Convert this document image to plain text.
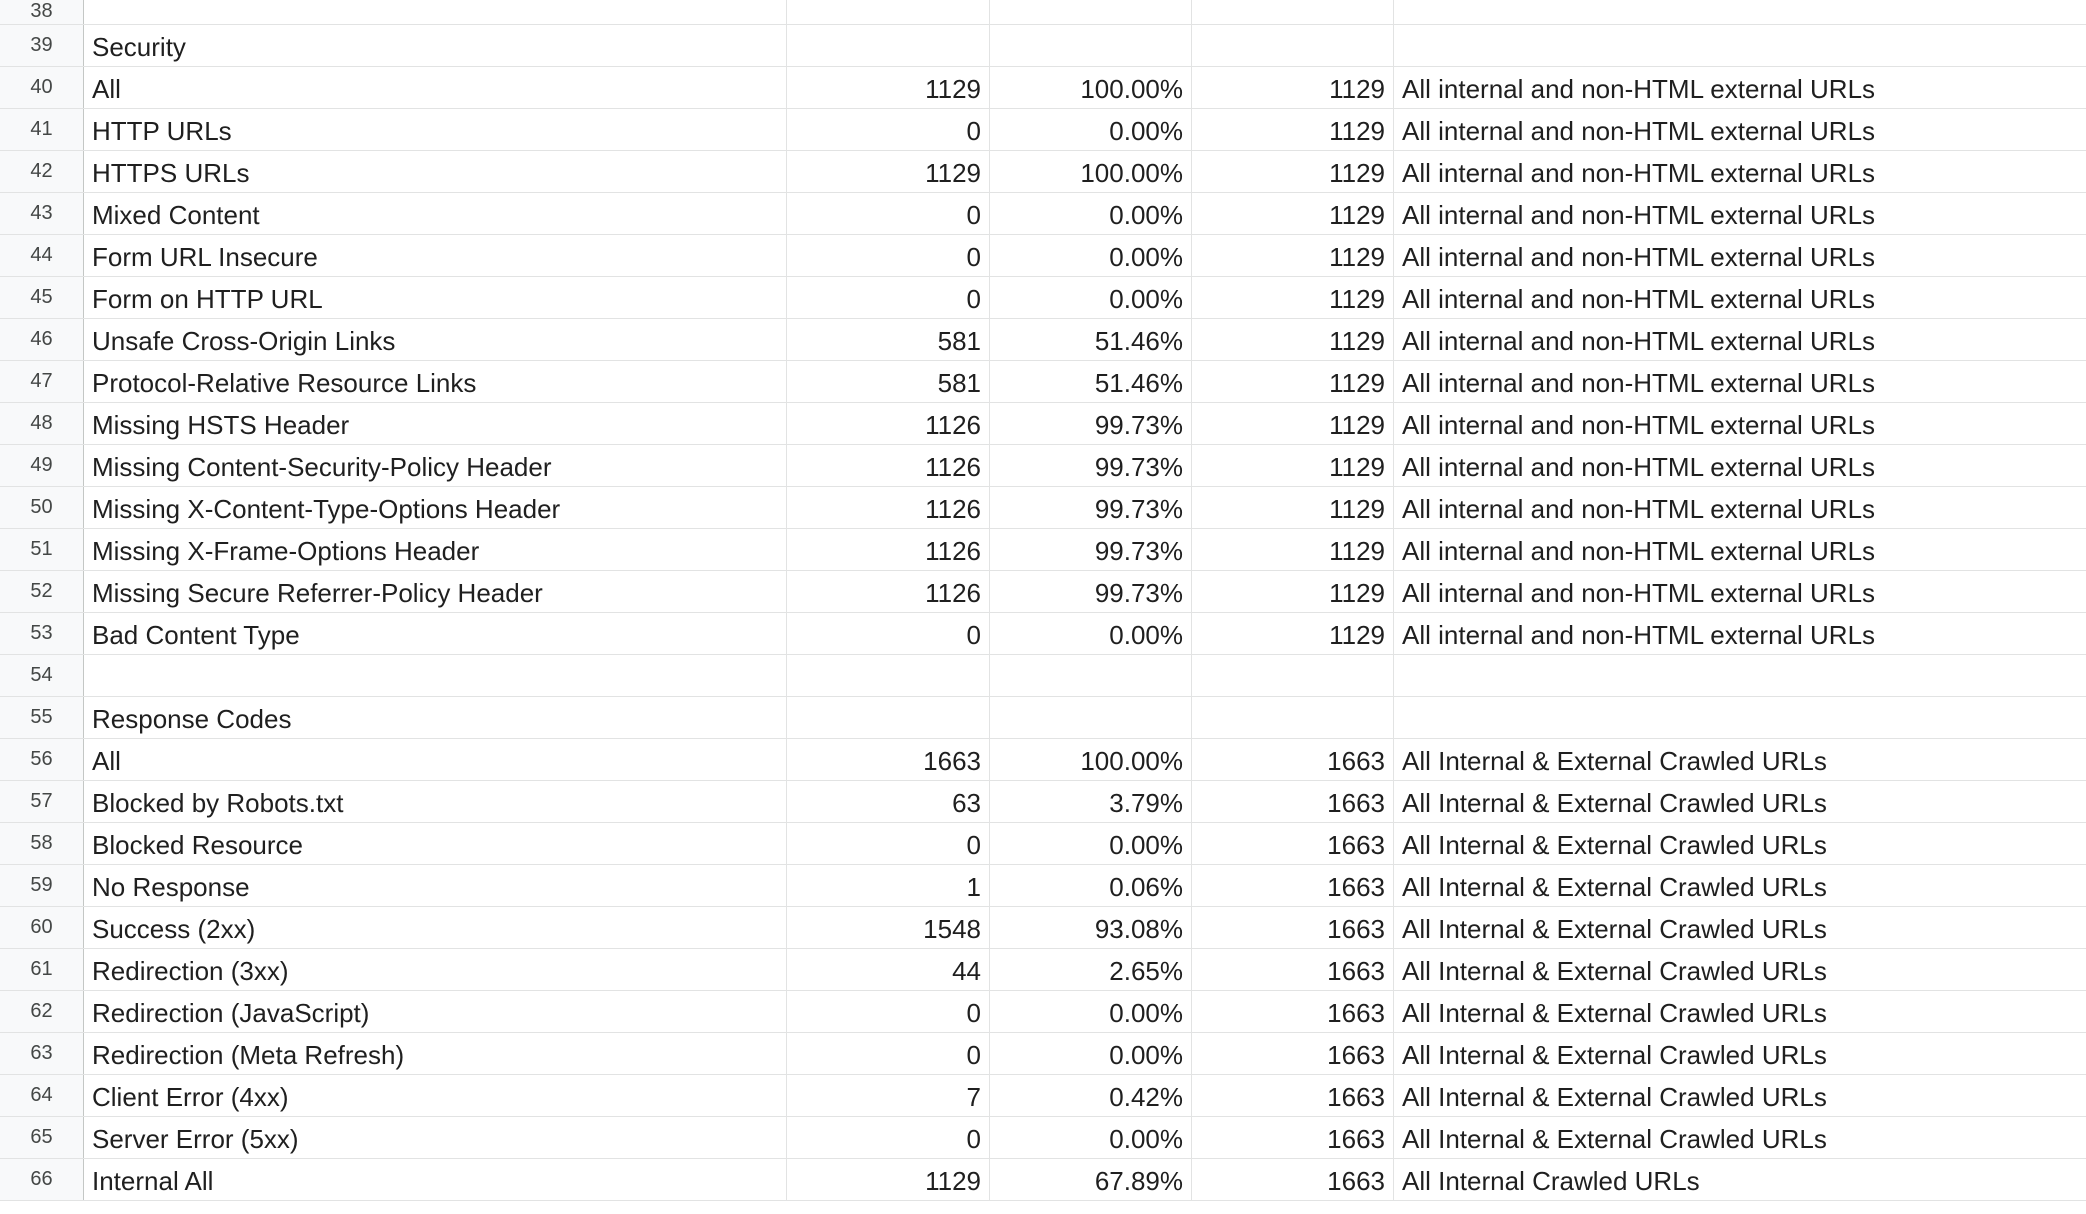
38
39	Security
40	All	1129	100.00%	1129 All internal and non-HTML external URLs
41	HTTP URLs	0	0.00%	1129 All internal and non-HTML external URLs
42	HTTPS URLs	1129	100.00%	1129 All internal and non-HTML external URLs
43	Mixed Content	0	0.00%	1129 All internal and non-HTML external URLs
44	Form URL Insecure	0	0.00%	1129 All internal and non-HTML external URLs
45	Form on HTTP URL	0	0.00%	1129 All internal and non-HTML external URLs
46	Unsafe Cross-Origin Links	581	51.46%	1129 All internal and non-HTML external URLs
47	Protocol-Relative Resource Links	581	51.46%	1129 All internal and non-HTML external URLs
48	Missing HSTS Header	1126	99.73%	1129 All internal and non-HTML external URLs
49	Missing Content-Security-Policy Header	1126	99.73%	1129 All internal and non-HTML external URLs
50	Missing X-Content-Type-Options Header	1126	99.73%	1129 All internal and non-HTML external URLs
51	Missing X-Frame-Options Header	1126	99.73%	1129 All internal and non-HTML external URLs
52	Missing Secure Referrer-Policy Header	1126	99.73%	1129 All internal and non-HTML external URLs
53	Bad Content Type	0	0.00%	1129 All internal and non-HTML external URLs
54
55	Response Codes
56	All	1663	100.00%	1663 All Internal & External Crawled URLs
57	Blocked by Robots.txt	63	3.79%	1663 All Internal & External Crawled URLs
58	Blocked Resource	0	0.00%	1663 All Internal & External Crawled URLs
59	No Response	1	0.06%	1663 All Internal & External Crawled URLs
60	Success (2xx)	1548	93.08%	1663 All Internal & External Crawled URLs
61	Redirection (3xx)	44	2.65%	1663 All Internal & External Crawled URLs
62	Redirection (JavaScript)	0	0.00%	1663 All Internal & External Crawled URLs
63	Redirection (Meta Refresh)	0	0.00%	1663 All Internal & External Crawled URLs
64	Client Error (4xx)	7	0.42%	1663 All Internal & External Crawled URLs
65	Server Error (5xx)	0	0.00%	1663 All Internal & External Crawled URLs
66	Internal All	1129	67.89%	1663 All Internal Crawled URLs
